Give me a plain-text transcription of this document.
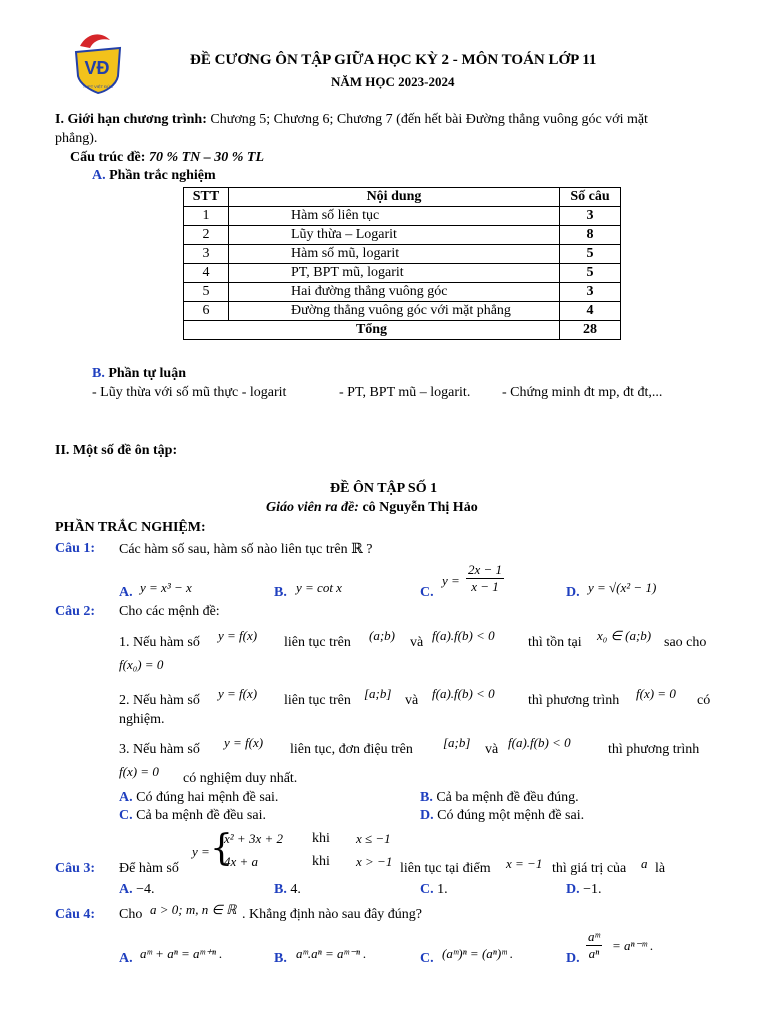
VĐ
THPT VIỆT ĐỨC
ĐỀ CƯƠNG ÔN TẬP GIỮA HỌC KỲ 2 - MÔN TOÁN LỚP 11
NĂM HỌC 2023-2024
I. Giới hạn chương trình: Chương 5; Chương 6; Chương 7 (đến hết bài Đường thẳng vuông góc với mặt
phẳng).
Cấu trúc đề: 70 % TN – 30 % TL
A. Phần trắc nghiệm
STT	Nội dung	Số câu
1	Hàm số liên tục	3
2	Lũy thừa – Logarit	8
3	Hàm số mũ, logarit	5
4	PT, BPT mũ, logarit	5
5	Hai đường thẳng vuông góc	3
6	Đường thẳng vuông góc với mặt phẳng	4
Tổng		28
B. Phần tự luận
- Lũy thừa với số mũ thực - logarit	- PT, BPT mũ – logarit. - Chứng minh đt mp, đt đt,...
II. Một số đề ôn tập:
ĐỀ ÔN TẬP SỐ 1
Giáo viên ra đề: cô Nguyễn Thị Hảo
PHẦN TRẮC NGHIỆM:
Câu 1: Các hàm số sau, hàm số nào liên tục trên ℝ ?
A. y = x³ − x	B. y = cot x	C.
$y = \frac{2x - 1}{x - 1}$	D. y = √(x² − 1)
Câu 2: Cho các mệnh đề:
1. Nếu hàm số y = f(x) liên tục trên (a;b) và f(a).f(b) < 0 thì tồn tại x₀ ∈ (a;b) sao cho
f(x₀) = 0
2. Nếu hàm số y = f(x) liên tục trên [a;b] và f(a).f(b) < 0 thì phương trình f(x) = 0 có
nghiệm.
3. Nếu hàm số y = f(x) liên tục, đơn điệu trên [a;b] và f(a).f(b) < 0	thì phương trình
f(x) = 0 có nghiệm duy nhất.
A. Có đúng hai mệnh đề sai.	B. Cả ba mệnh đề đều đúng.
C. Cả ba mệnh đề đều sai.	D. Có đúng một mệnh đề sai.
Câu 3: Để hàm số
y = {
x² + 3x + 2 khi x ≤ −1
4x + a	khi x > −1 liên tục tại điểm x = −1 thì giá trị của a là
A. −4.	B. 4.	C. 1.	D. −1.
Câu 4: Cho a > 0; m, n ∈ ℝ . Khẳng định nào sau đây đúng?
A. aᵐ + aⁿ = aᵐ⁺ⁿ .	B. aᵐ.aⁿ = aᵐ⁻ⁿ .	C. (aᵐ)ⁿ = (aⁿ)ᵐ .	D. $\frac{\text{aᵐ}}{\text{aⁿ}}$ = aⁿ⁻ᵐ .
